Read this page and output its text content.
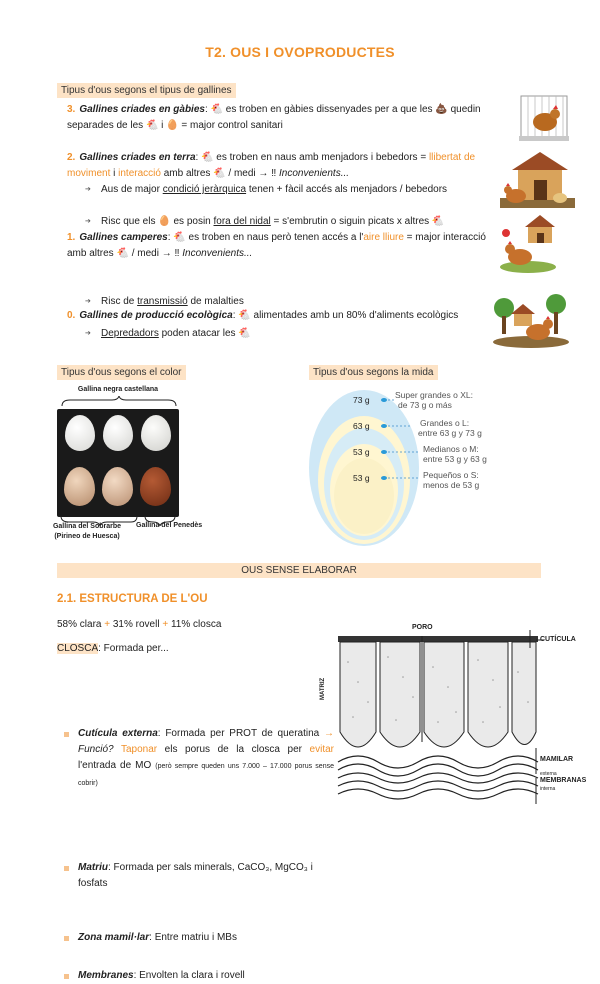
T2. OUS I OVOPRODUCTES
Tipus d'ous segons el tipus de gallines
3. Gallines criades en gàbies: 🐔 es troben en gàbies dissenyades per a que les 💩 quedin separades de les 🐔 i 🥚 = major control sanitari
2. Gallines criades en terra: 🐔 es troben en naus amb menjadors i bebedors = llibertat de moviment i interacció amb altres 🐔 / medi → ‼ Inconvenients...
➔ Aus de major condició jeràrquica tenen + fàcil accés als menjadors / bebedors
➔ Risc que els 🥚 es posin fora del nidal = s'embrutin o siguin picats x altres 🐔
1. Gallines camperes: 🐔 es troben en naus però tenen accés a l'aire lliure = major interacció amb altres 🐔 / medi → ‼ Inconvenients...
➔ Risc de transmissió de malalties
➔ Depredadors poden atacar les 🐔
0. Gallines de producció ecològica: 🐔 alimentades amb un 80% d'aliments ecològics
Tipus d'ous segons el color
Gallina negra castellana
Gallina del Sobrarbe
(Pirineo de Huesca)
Gallina del Penedès
Tipus d'ous segons la mida
73 g
63 g
53 g
53 g
Super grandes o XL:
de 73 g o más
Grandes o L:
entre 63 g y 73 g
Medianos o M:
entre 53 g y 63 g
Pequeños o S:
menos de 53 g
OUS SENSE ELABORAR
2.1. ESTRUCTURA DE L'OU
58% clara + 31% rovell + 11% closca
CLOSCA: Formada per...
Cutícula externa: Formada per PROT de queratina → Funció? Taponar els porus de la closca per evitar l'entrada de MO (però sempre queden uns 7.000 – 17.000 porus sense cobrir)
Matriu: Formada per sals minerals, CaCO₃, MgCO₃ i fosfats
Zona mamil·lar: Entre matriu i MBs
Membranes: Envolten la clara i rovell
PORO
CUTÍCULA
MATRIZ
MAMILAR
externa
MEMBRANAS
interna
